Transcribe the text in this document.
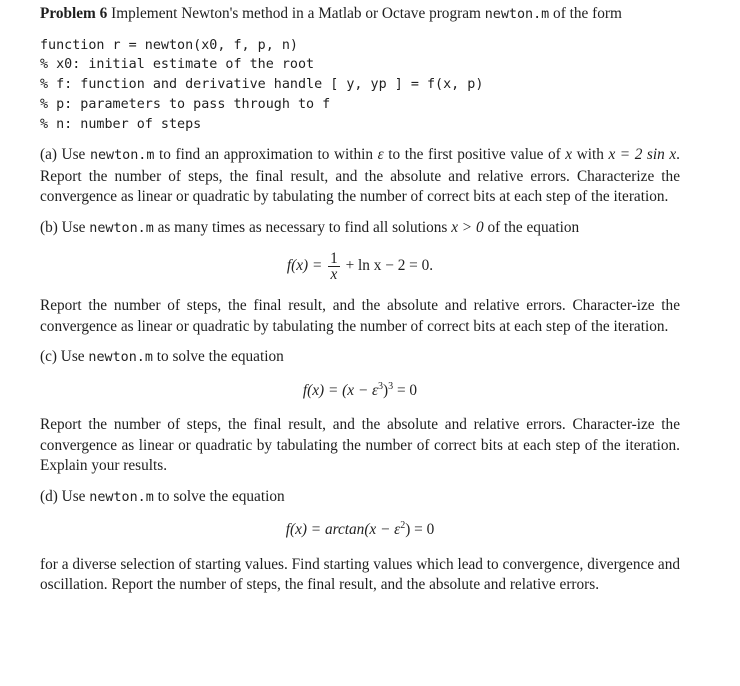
Problem 6 Implement Newton's method in a Matlab or Octave program newton.m of the form

function r = newton(x0, f, p, n)
% x0: initial estimate of the root
% f: function and derivative handle [ y, yp ] = f(x, p)
% p: parameters to pass through to f
% n: number of steps

(a) Use newton.m to find an approximation to within ε to the first positive value of x with x = 2 sin x. Report the number of steps, the final result, and the absolute and relative errors. Characterize the convergence as linear or quadratic by tabulating the number of correct bits at each step of the iteration.

(b) Use newton.m as many times as necessary to find all solutions x > 0 of the equation

$f(x) = \frac{1}{x} + \ln x - 2 = 0$.

Report the number of steps, the final result, and the absolute and relative errors. Character-ize the convergence as linear or quadratic by tabulating the number of correct bits at each step of the iteration.

(c) Use newton.m to solve the equation

$f(x) = (x - \varepsilon^3)^3 = 0$

Report the number of steps, the final result, and the absolute and relative errors. Character-ize the convergence as linear or quadratic by tabulating the number of correct bits at each step of the iteration. Explain your results.

(d) Use newton.m to solve the equation

$f(x) = \arctan(x - \varepsilon^2) = 0$

for a diverse selection of starting values. Find starting values which lead to convergence, divergence and oscillation. Report the number of steps, the final result, and the absolute and relative errors.
